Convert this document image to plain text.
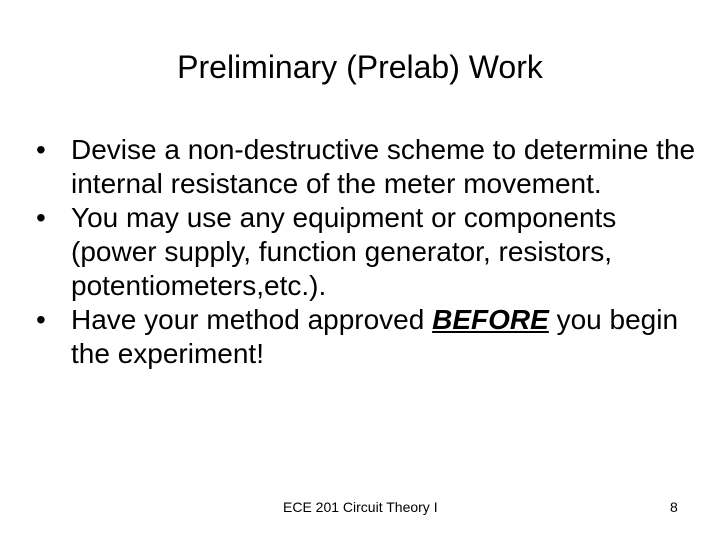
Preliminary (Prelab) Work
• Devise a non-destructive scheme to determine the internal resistance of the meter movement.
• You may use any equipment or components (power supply, function generator, resistors, potentiometers,etc.).
• Have your method approved BEFORE you begin the experiment!
ECE 201 Circuit Theory I	8
